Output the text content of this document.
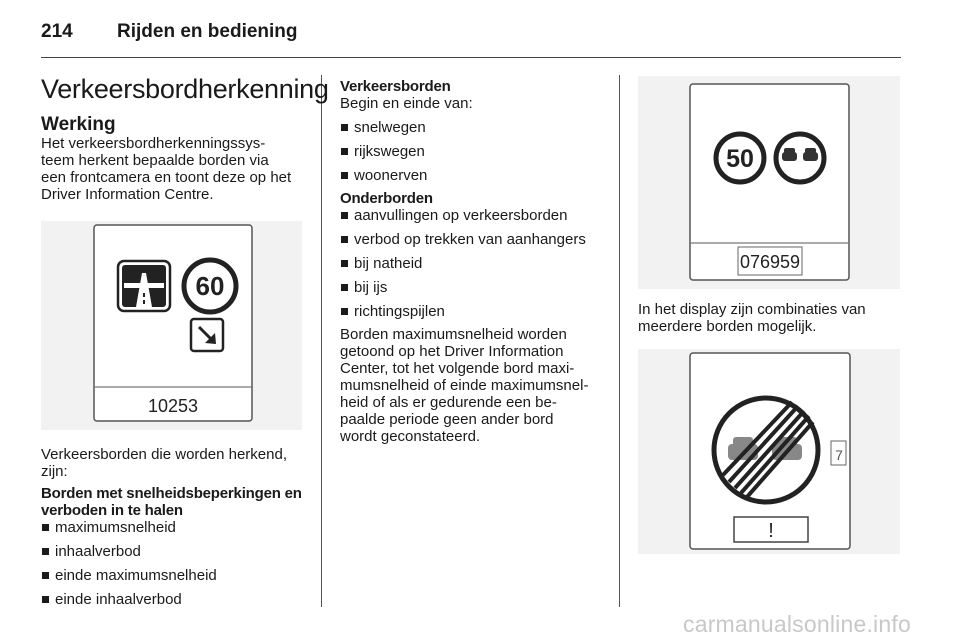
214 Rijden en bediening
Verkeersbordherkenning
Werking
Het verkeersbordherkenningssys-
teem herkent bepaalde borden via
een frontcamera en toont deze op het
Driver Information Centre.
Verkeersborden die worden herkend,
zijn:
Borden met snelheidsbeperkingen en
verboden in te halen
maximumsnelheid
inhaalverbod
einde maximumsnelheid
einde inhaalverbod
60
10253
Verkeersborden
Begin en einde van:
snelwegen
rijkswegen
woonerven
Onderborden
aanvullingen op verkeersborden
verbod op trekken van aanhangers
bij natheid
bij ijs
richtingspijlen
Borden maximumsnelheid worden
getoond op het Driver Information
Center, tot het volgende bord maxi-
mumsnelheid of einde maximumsnel-
heid of als er gedurende een be-
paalde periode geen ander bord
wordt geconstateerd.
50
076959
In het display zijn combinaties van
meerdere borden mogelijk.
7
!
carmanualsonline.info
